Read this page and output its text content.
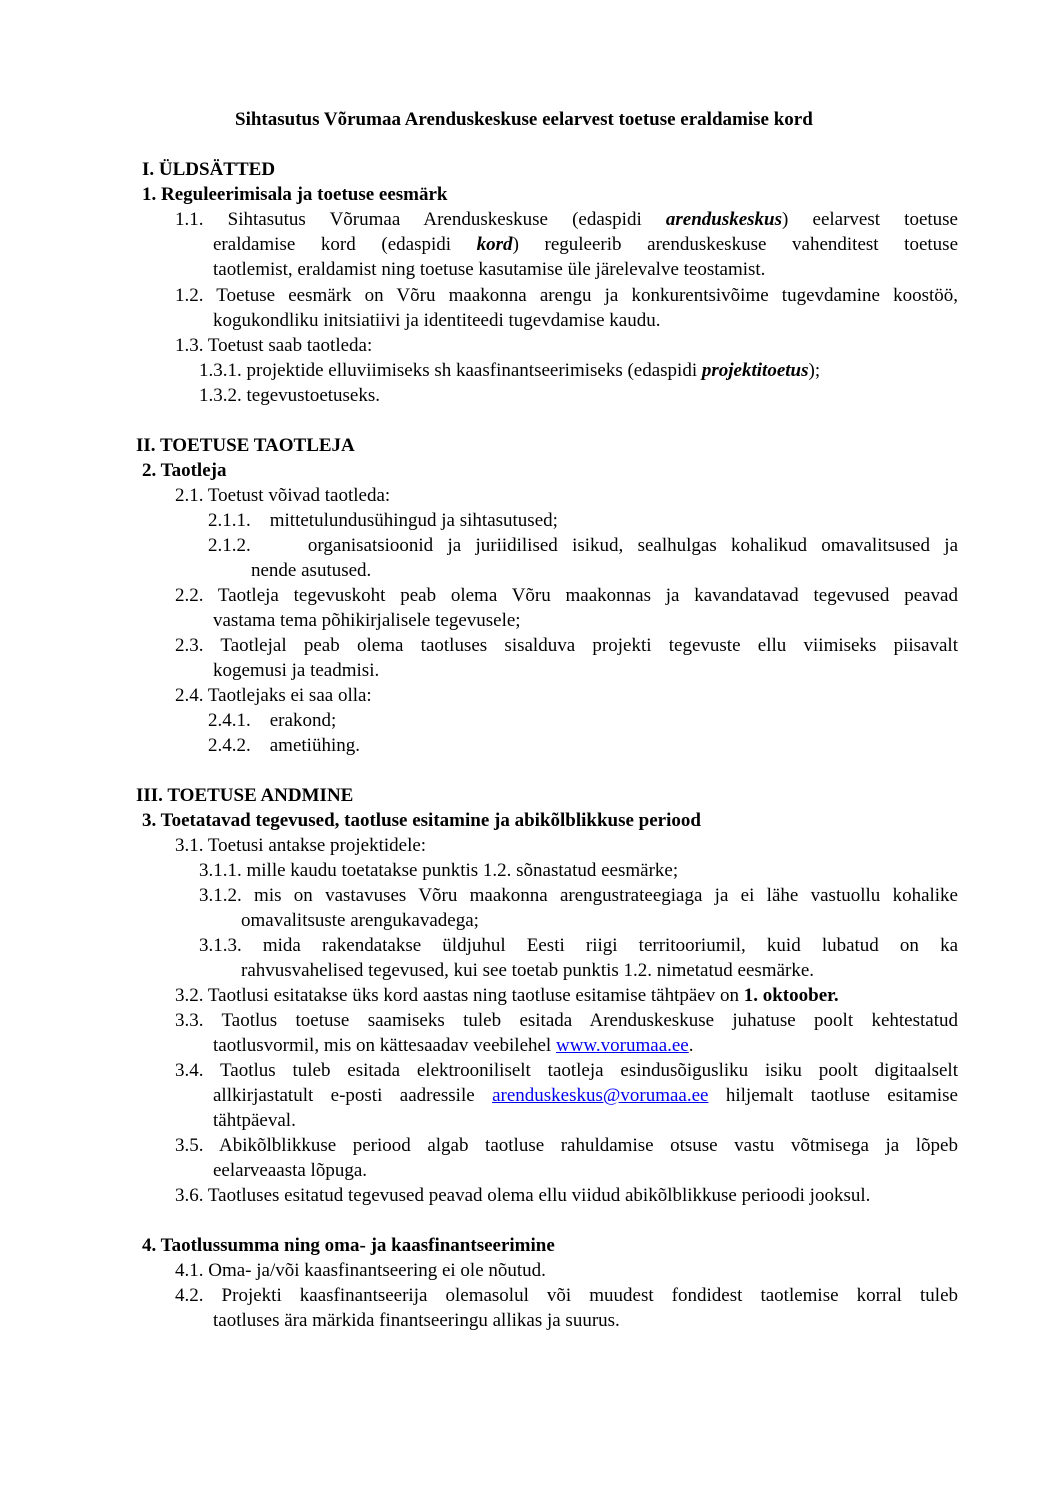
Sihtasutus Võrumaa Arenduskeskuse eelarvest toetuse eraldamise kord
I. ÜLDSÄTTED
1. Reguleerimisala ja toetuse eesmärk
1.1. Sihtasutus Võrumaa Arenduskeskuse (edaspidi arenduskeskus) eelarvest toetuse
eraldamise kord (edaspidi kord) reguleerib arenduskeskuse vahenditest toetuse
taotlemist, eraldamist ning toetuse kasutamise üle järelevalve teostamist.
1.2. Toetuse eesmärk on Võru maakonna arengu ja konkurentsivõime tugevdamine koostöö,
kogukondliku initsiatiivi ja identiteedi tugevdamise kaudu.
1.3. Toetust saab taotleda:
1.3.1. projektide elluviimiseks sh kaasfinantseerimiseks (edaspidi projektitoetus);
1.3.2. tegevustoetuseks.
II. TOETUSE TAOTLEJA
2. Taotleja
2.1. Toetust võivad taotleda:
2.1.1.    mittetulundusühingud ja sihtasutused;
2.1.2.    organisatsioonid ja juriidilised isikud, sealhulgas kohalikud omavalitsused ja
nende asutused.
2.2. Taotleja tegevuskoht peab olema Võru maakonnas ja kavandatavad tegevused peavad
vastama tema põhikirjalisele tegevusele;
2.3. Taotlejal peab olema taotluses sisalduva projekti tegevuste ellu viimiseks piisavalt
kogemusi ja teadmisi.
2.4. Taotlejaks ei saa olla:
2.4.1.    erakond;
2.4.2.    ametiühing.
III. TOETUSE ANDMINE
3. Toetatavad tegevused, taotluse esitamine ja abikõlblikkuse periood
3.1. Toetusi antakse projektidele:
3.1.1. mille kaudu toetatakse punktis 1.2. sõnastatud eesmärke;
3.1.2. mis on vastavuses Võru maakonna arengustrateegiaga ja ei lähe vastuollu kohalike
omavalitsuste arengukavadega;
3.1.3. mida rakendatakse üldjuhul Eesti riigi territooriumil, kuid lubatud on ka
rahvusvahelised tegevused, kui see toetab punktis 1.2. nimetatud eesmärke.
3.2. Taotlusi esitatakse üks kord aastas ning taotluse esitamise tähtpäev on 1. oktoober.
3.3. Taotlus toetuse saamiseks tuleb esitada Arenduskeskuse juhatuse poolt kehtestatud
taotlusvormil, mis on kättesaadav veebilehel www.vorumaa.ee.
3.4. Taotlus tuleb esitada elektrooniliselt taotleja esindusõigusliku isiku poolt digitaalselt
allkirjastatult e-posti aadressile arenduskeskus@vorumaa.ee hiljemalt taotluse esitamise
tähtpäeval.
3.5. Abikõlblikkuse periood algab taotluse rahuldamise otsuse vastu võtmisega ja lõpeb
eelarveaasta lõpuga.
3.6. Taotluses esitatud tegevused peavad olema ellu viidud abikõlblikkuse perioodi jooksul.
4. Taotlussumma ning oma- ja kaasfinantseerimine
4.1. Oma- ja/või kaasfinantseering ei ole nõutud.
4.2. Projekti kaasfinantseerija olemasolul või muudest fondidest taotlemise korral tuleb
taotluses ära märkida finantseeringu allikas ja suurus.
